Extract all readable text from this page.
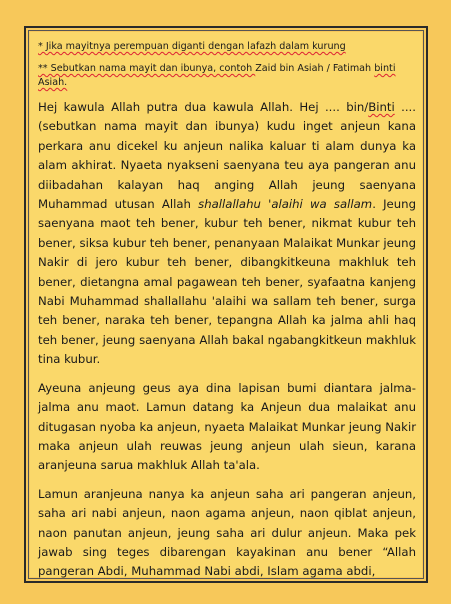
* Jika mayitnya perempuan diganti dengan lafazh dalam kurung
** Sebutkan nama mayit dan ibunya, contoh Zaid bin Asiah / Fatimah binti Asiah.

Hej kawula Allah putra dua kawula Allah. Hej .... bin/Binti .... (sebutkan nama mayit dan ibunya) kudu inget anjeun kana perkara anu dicekel ku anjeun nalika kaluar ti alam dunya ka alam akhirat. Nyaeta nyakseni saenyana teu aya pangeran anu diibadahan kalayan haq anging Allah jeung saenyana Muhammad utusan Allah shallallahu 'alaihi wa sallam. Jeung saenyana maot teh bener, kubur teh bener, nikmat kubur teh bener, siksa kubur teh bener, penanyaan Malaikat Munkar jeung Nakir di jero kubur teh bener, dibangkitkeuna makhluk teh bener, dietangna amal pagawean teh bener, syafaatna kanjeng Nabi Muhammad shallallahu 'alaihi wa sallam teh bener, surga teh bener, naraka teh bener, tepangna Allah ka jalma ahli haq teh bener, jeung saenyana Allah bakal ngabangkitkeun makhluk tina kubur.

Ayeuna anjeung geus aya dina lapisan bumi diantara jalma-jalma anu maot. Lamun datang ka Anjeun dua malaikat anu ditugasan nyoba ka anjeun, nyaeta Malaikat Munkar jeung Nakir maka anjeun ulah reuwas jeung anjeun ulah sieun, karana aranjeuna sarua makhluk Allah ta'ala.

Lamun aranjeuna nanya ka anjeun saha ari pangeran anjeun, saha ari nabi anjeun, naon agama anjeun, naon qiblat anjeun, naon panutan anjeun, jeung saha ari dulur anjeun. Maka pek jawab sing teges dibarengan kayakinan anu bener “Allah pangeran Abdi, Muhammad Nabi abdi, Islam agama abdi,
